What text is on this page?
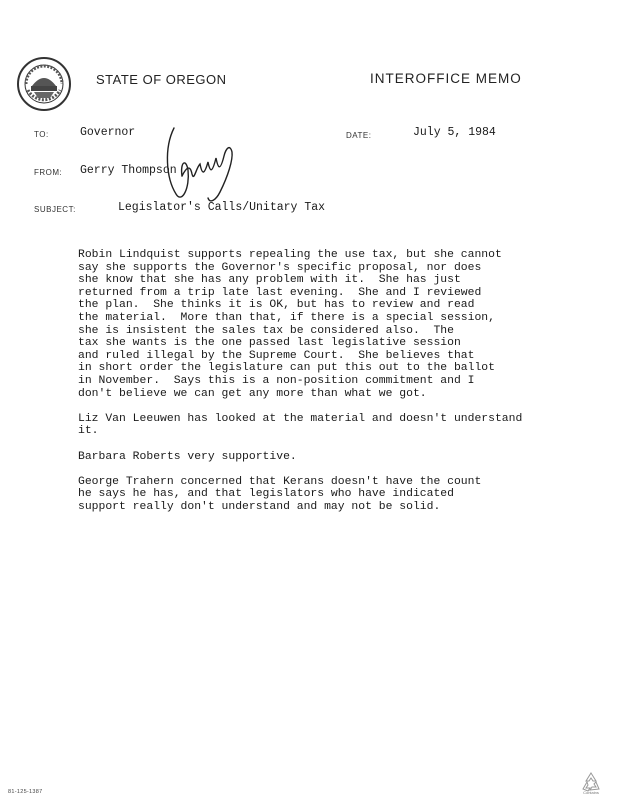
STATE OF OREGON	INTEROFFICE MEMO
TO:	Governor	DATE:	July 5, 1984
FROM: Gerry Thompson
SUBJECT:	Legislator's Calls/Unitary Tax

Robin Lindquist supports repealing the use tax, but she cannot
say she supports the Governor's specific proposal, nor does
she know that she has any problem with it.  She has just
returned from a trip late last evening.  She and I reviewed
the plan.  She thinks it is OK, but has to review and read
the material.  More than that, if there is a special session,
she is insistent the sales tax be considered also.  The
tax she wants is the one passed last legislative session
and ruled illegal by the Supreme Court.  She believes that
in short order the legislature can put this out to the ballot
in November.  Says this is a non-position commitment and I
don't believe we can get any more than what we got.

Liz Van Leeuwen has looked at the material and doesn't understand
it.

Barbara Roberts very supportive.

George Trahern concerned that Kerans doesn't have the count
he says he has, and that legislators who have indicated
support really don't understand and may not be solid.

81-125-1387	Contains
